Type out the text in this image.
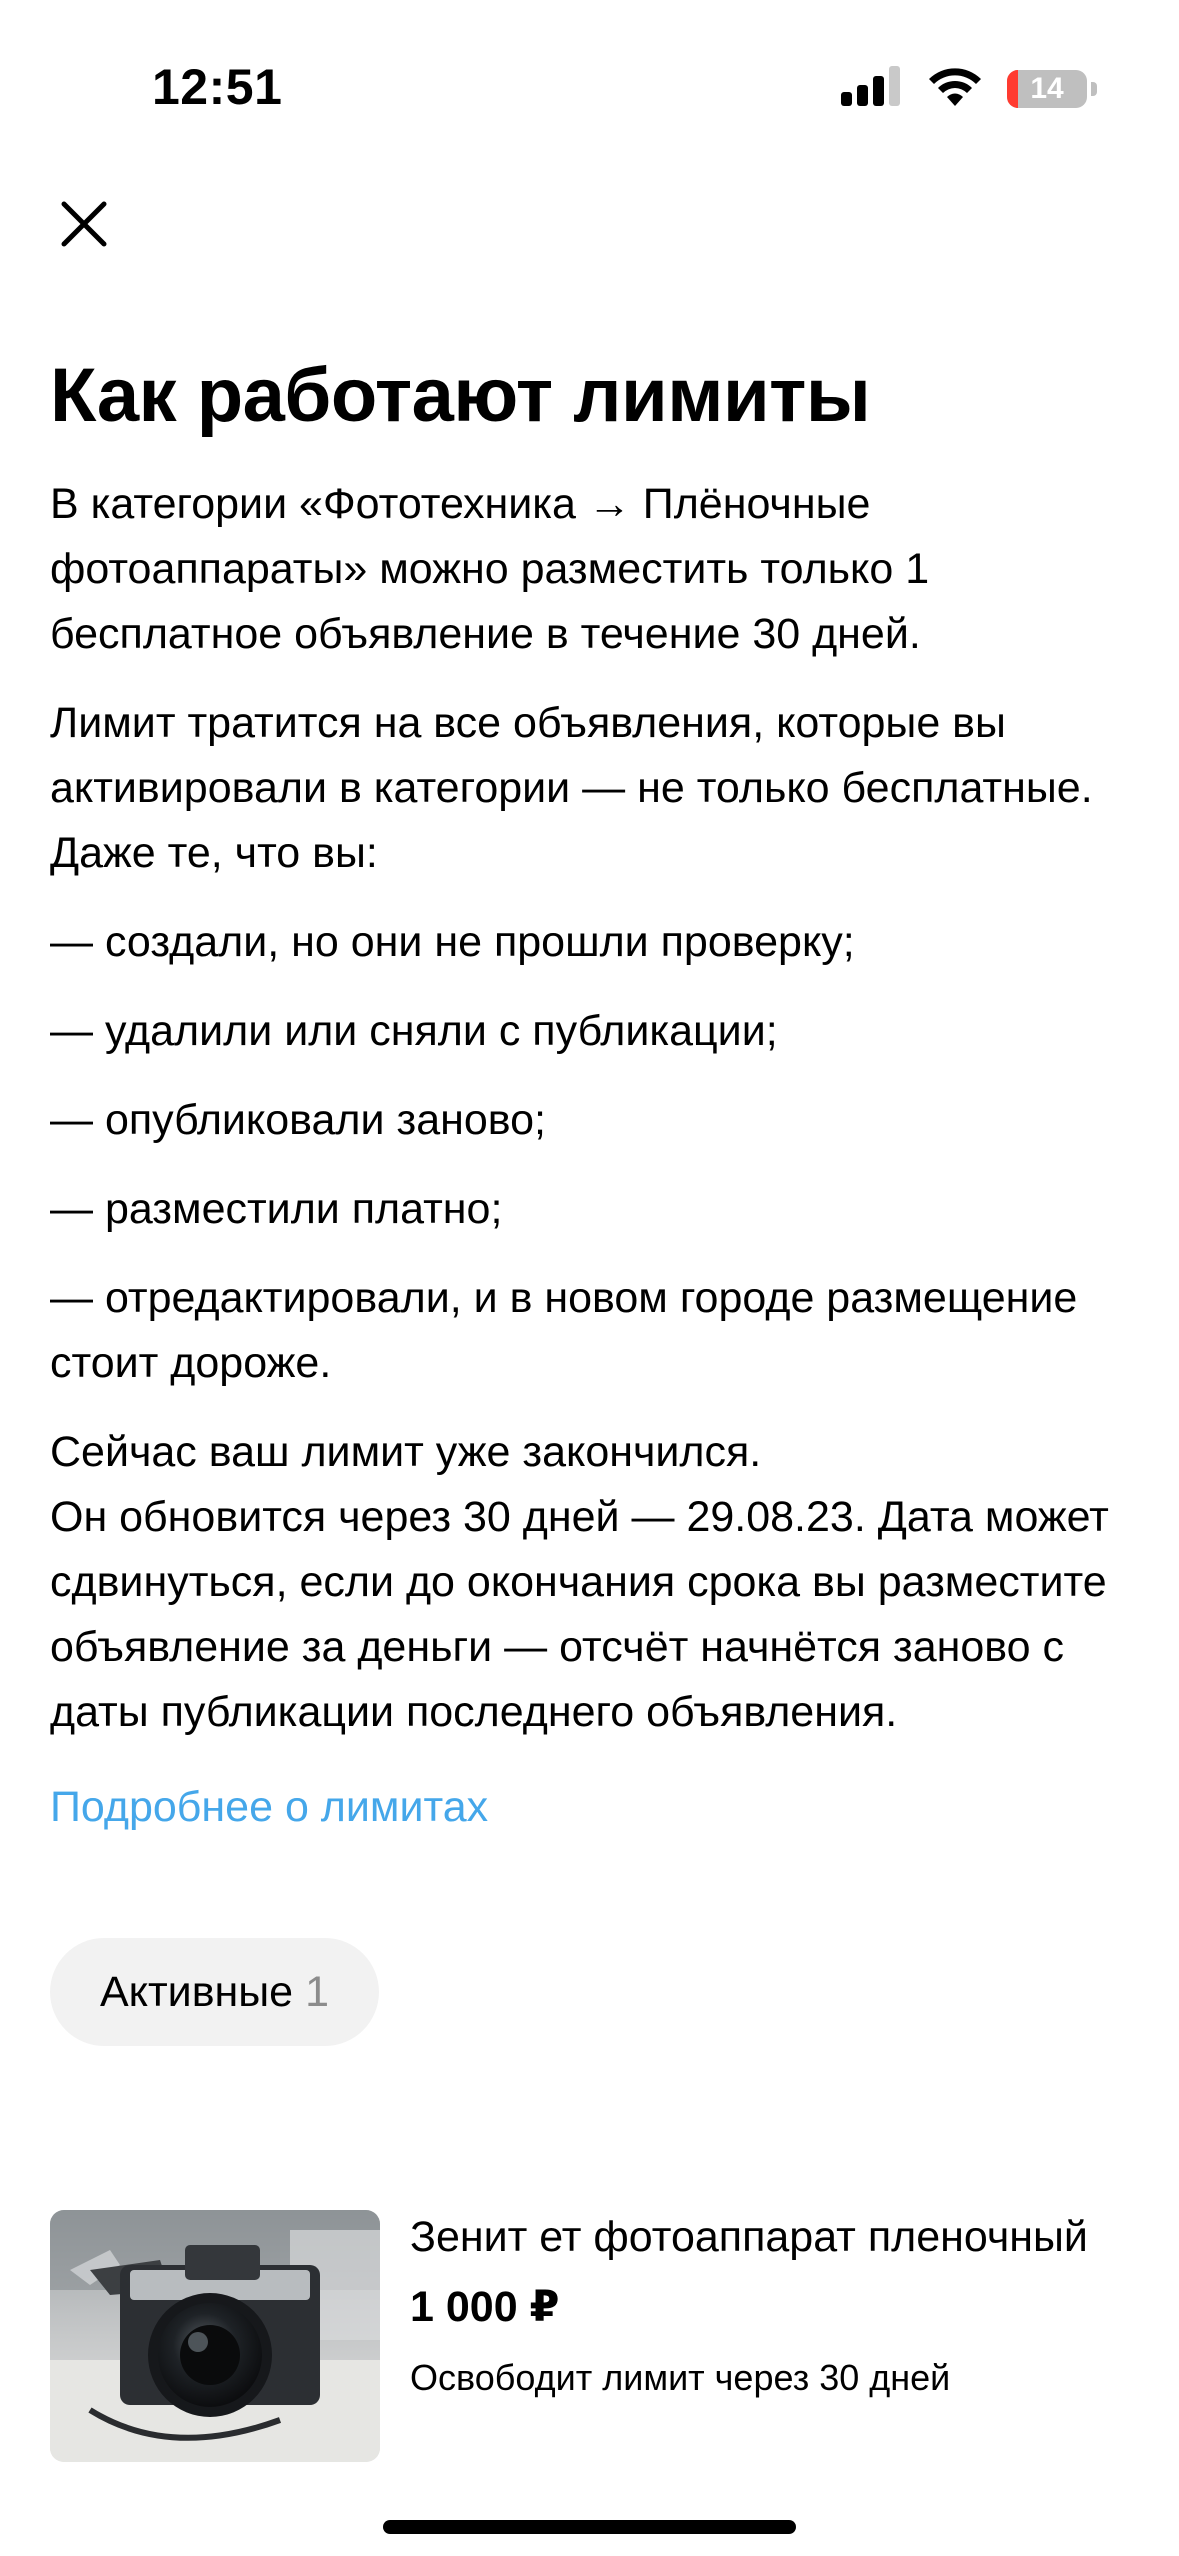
12:51	14
Как работают лимиты

В категории «Фототехника → Плёночные фотоаппараты» можно разместить только 1 бесплатное объявление в течение 30 дней.

Лимит тратится на все объявления, которые вы активировали в категории — не только бесплатные. Даже те, что вы:

— создали, но они не прошли проверку;

— удалили или сняли с публикации;

— опубликовали заново;

— разместили платно;

— отредактировали, и в новом городе размещение стоит дороже.

Сейчас ваш лимит уже закончился.
Он обновится через 30 дней — 29.08.23. Дата может сдвинуться, если до окончания срока вы разместите объявление за деньги — отсчёт начнётся заново с даты публикации последнего объявления.

Подробнее о лимитах

Активные 1
Зенит ет фотоаппарат пленочный
1 000 ₽
Освободит лимит через 30 дней
